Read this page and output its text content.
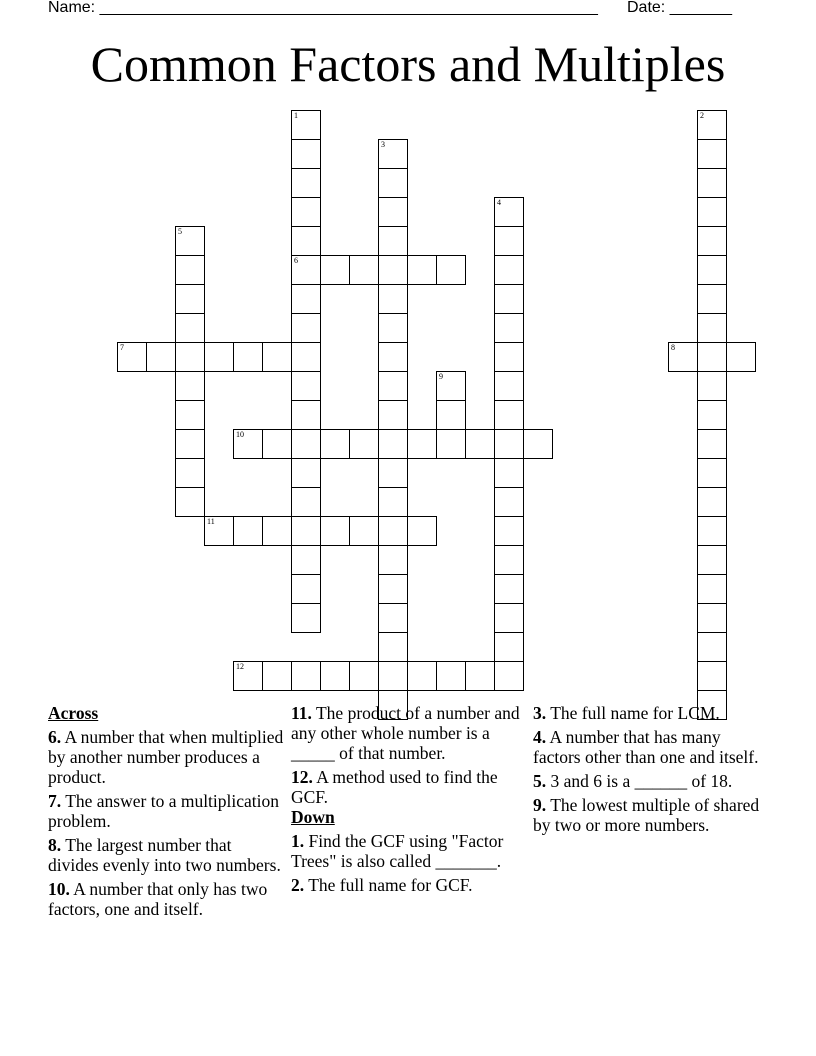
Name: ________________________________________________________ Date: _______
Common Factors and Multiples
1
6
2
3
4
5
7	8
9
10
11
12
Across
6. A number that when multiplied by another number produces a product.
7. The answer to a multiplication problem.
8. The largest number that divides evenly into two numbers.
10. A number that only has two factors, one and itself.
11. The product of a number and any other whole number is a _____ of that number.
12. A method used to find the GCF.
Down
1. Find the GCF using "Factor Trees" is also called _______.
2. The full name for GCF.
3. The full name for LCM.
4. A number that has many factors other than one and itself.
5. 3 and 6 is a ______ of 18.
9. The lowest multiple of shared by two or more numbers.
